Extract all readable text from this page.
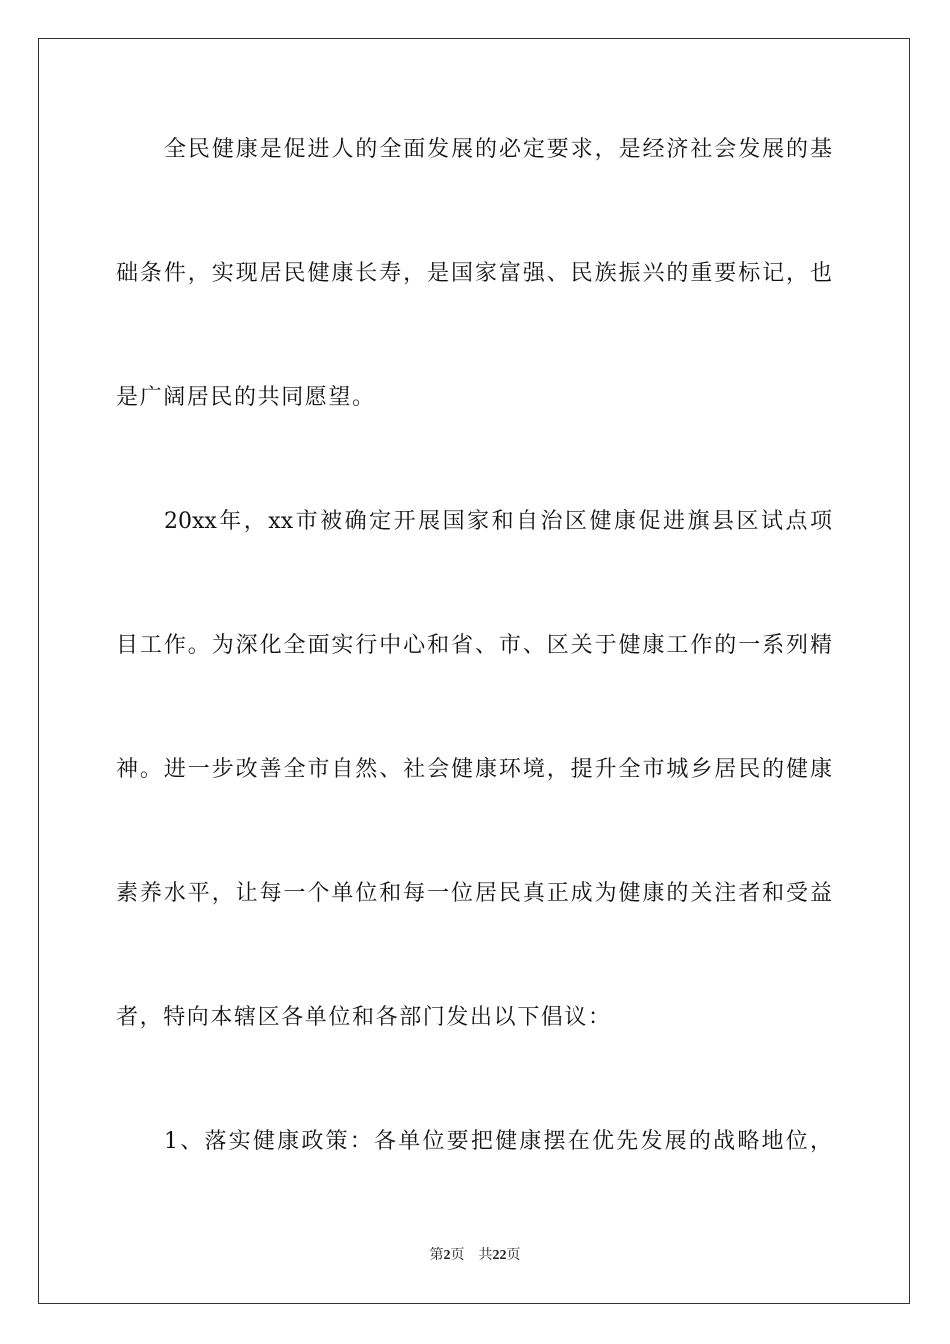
全民健康是促进人的全面发展的必定要求，是经济社会发展的基
础条件，实现居民健康长寿，是国家富强、民族振兴的重要标记，也
是广阔居民的共同愿望。
20xx年，xx市被确定开展国家和自治区健康促进旗县区试点项
目工作。为深化全面实行中心和省、市、区关于健康工作的一系列精
神。进一步改善全市自然、社会健康环境，提升全市城乡居民的健康
素养水平，让每一个单位和每一位居民真正成为健康的关注者和受益
者，特向本辖区各单位和各部门发出以下倡议：
1、落实健康政策：各单位要把健康摆在优先发展的战略地位，
第2页 共22页
